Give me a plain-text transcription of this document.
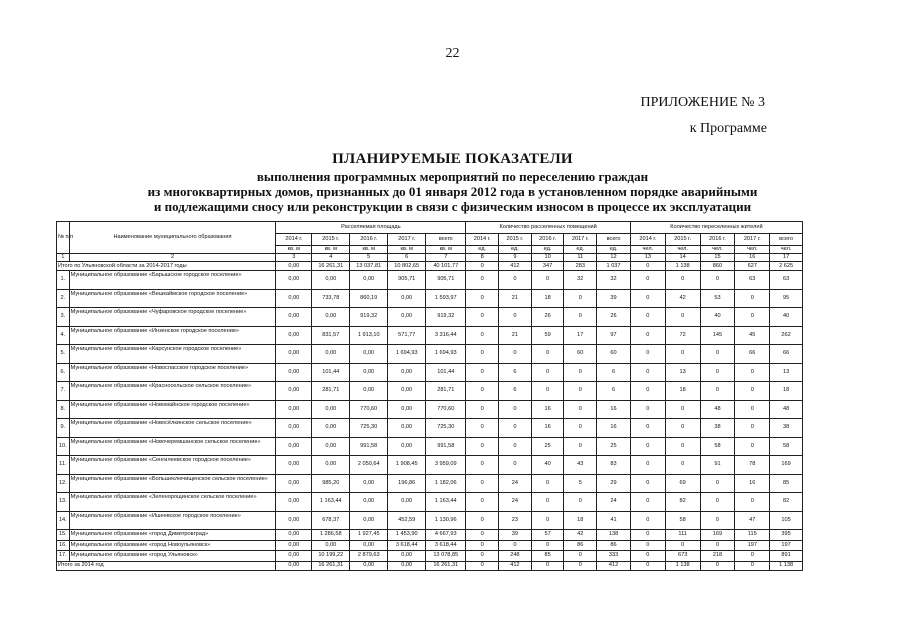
22
ПРИЛОЖЕНИЕ № 3
к Программе
ПЛАНИРУЕМЫЕ ПОКАЗАТЕЛИ
выполнения программных мероприятий по переселению граждан
из многоквартирных домов, признанных до 01 января 2012 года в установленном порядке аварийными
и подлежащими сносу или реконструкции в связи с физическим износом в процессе их эксплуатации
№ п/п	Наименование муниципального образования	Расселяемая площадь					Количество расселенных помещений					Количество переселенных жителей				
		2014 г.	2015 г.	2016 г.	2017 г.	всего	2014 г.	2015 г.	2016 г.	2017 г.	всего	2014 г.	2015 г.	2016 г.	2017 г.	всего
		кв. м	кв. м	кв. м	кв. м	кв. м	ед.	ед.	ед.	ед.	ед.	чел.	чел.	чел.	чел.	чел.
1	2	3	4	5	6	7	8	9	10	11	12	13	14	15	16	17
Итого по Ульяновской области за 2014-2017 годы		0,00	16 261,31	13 037,81	10 802,65	40 101,77	0	412	347	283	1 037	0	1 138	860	627	2 625
1.	Муниципальное образование «Барышское городское поселение»	0,00	0,00	0,00	905,71	905,71	0	0	0	32	32	0	0	0	63	63
2.	Муниципальное образование «Вешкаймское городское поселение»	0,00	733,78	860,19	0,00	1 593,97	0	21	18	0	39	0	42	53	0	95
3.	Муниципальное образование «Чуфаровское городское поселение»	0,00	0,00	919,32	0,00	919,32	0	0	26	0	26	0	0	40	0	40
4.	Муниципальное образование «Инзенское городское поселение»	0,00	831,57	1 913,10	571,77	3 316,44	0	21	59	17	97	0	72	145	45	262
5.	Муниципальное образование «Карсунское городское поселение»	0,00	0,00	0,00	1 694,93	1 694,93	0	0	0	60	60	0	0	0	66	66
6.	Муниципальное образование «Новоспасское городское поселение»	0,00	101,44	0,00	0,00	101,44	0	6	0	0	6	0	13	0	0	13
7.	Муниципальное образование «Красносельское сельское поселение»	0,00	281,71	0,00	0,00	281,71	0	6	0	0	6	0	18	0	0	18
8.	Муниципальное образование «Новомайнское городское поселение»	0,00	0,00	770,60	0,00	770,60	0	0	16	0	16	0	0	48	0	48
9.	Муниципальное образование «Новосёлкинское сельское поселение»	0,00	0,00	725,30	0,00	725,30	0	0	16	0	16	0	0	38	0	38
10.	Муниципальное образование «Новочеремшанское сельское поселение»	0,00	0,00	991,58	0,00	991,58	0	0	25	0	25	0	0	58	0	58
11.	Муниципальное образование «Сенгилеевское городское поселение»	0,00	0,00	2 050,64	1 908,45	3 959,09	0	0	40	43	83	0	0	91	78	169
12.	Муниципальное образование «Большеключищенское сельское поселение»	0,00	985,20	0,00	196,86	1 182,06	0	24	0	5	29	0	69	0	16	85
13.	Муниципальное образование «Зеленорощинское сельское поселение»	0,00	1 163,44	0,00	0,00	1 163,44	0	24	0	0	24	0	82	0	0	82
14.	Муниципальное образование «Ишеевское городское поселение»	0,00	678,37	0,00	452,59	1 130,96	0	23	0	18	41	0	58	0	47	105
15.	Муниципальное образование «город Димитровград»	0,00	1 286,58	1 927,45	1 453,90	4 667,93	0	39	57	42	138	0	111	169	115	395
16.	Муниципальное образование «город Новоульяновск»	0,00	0,00	0,00	3 618,44	3 618,44	0	0	0	86	86	0	0	0	197	197
17.	Муниципальное образование «город Ульяновск»	0,00	10 199,22	2 879,63	0,00	13 078,85	0	248	85	0	333	0	673	218	0	891
Итого за 2014 год		0,00	16 261,31	0,00	0,00	16 261,31	0	412	0	0	412	0	1 138	0	0	1 138
